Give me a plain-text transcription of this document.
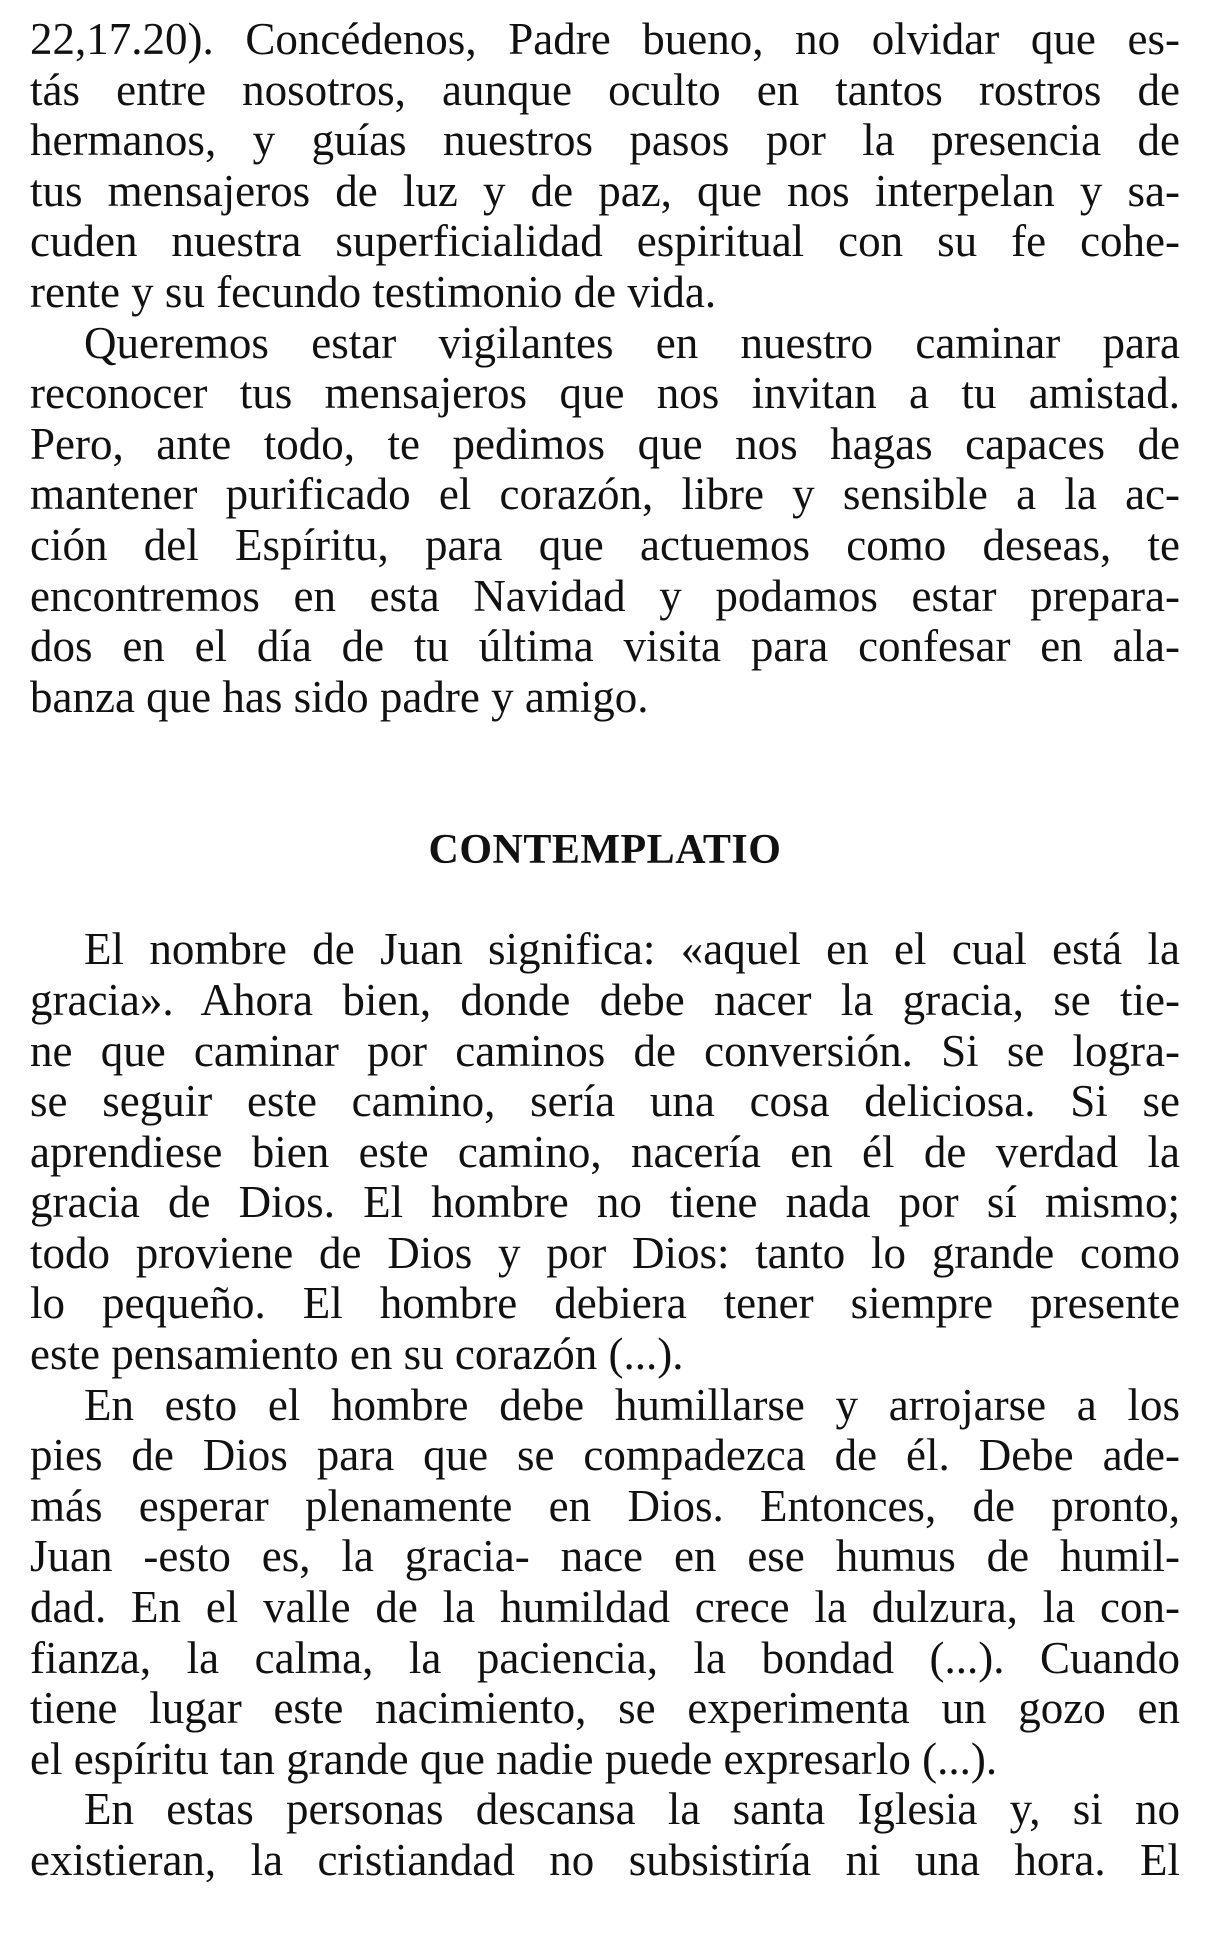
22,17.20). Concédenos, Padre bueno, no olvidar que es-
tás entre nosotros, aunque oculto en tantos rostros de
hermanos, y guías nuestros pasos por la presencia de
tus mensajeros de luz y de paz, que nos interpelan y sa-
cuden nuestra superficialidad espiritual con su fe cohe-
rente y su fecundo testimonio de vida.
Queremos estar vigilantes en nuestro caminar para
reconocer tus mensajeros que nos invitan a tu amistad.
Pero, ante todo, te pedimos que nos hagas capaces de
mantener purificado el corazón, libre y sensible a la ac-
ción del Espíritu, para que actuemos como deseas, te
encontremos en esta Navidad y podamos estar prepara-
dos en el día de tu última visita para confesar en ala-
banza que has sido padre y amigo.
CONTEMPLATIO
El nombre de Juan significa: «aquel en el cual está la
gracia». Ahora bien, donde debe nacer la gracia, se tie-
ne que caminar por caminos de conversión. Si se logra-
se seguir este camino, sería una cosa deliciosa. Si se
aprendiese bien este camino, nacería en él de verdad la
gracia de Dios. El hombre no tiene nada por sí mismo;
todo proviene de Dios y por Dios: tanto lo grande como
lo pequeño. El hombre debiera tener siempre presente
este pensamiento en su corazón (...).
En esto el hombre debe humillarse y arrojarse a los
pies de Dios para que se compadezca de él. Debe ade-
más esperar plenamente en Dios. Entonces, de pronto,
Juan -esto es, la gracia- nace en ese humus de humil-
dad. En el valle de la humildad crece la dulzura, la con-
fianza, la calma, la paciencia, la bondad (...). Cuando
tiene lugar este nacimiento, se experimenta un gozo en
el espíritu tan grande que nadie puede expresarlo (...).
En estas personas descansa la santa Iglesia y, si no
existieran, la cristiandad no subsistiría ni una hora. El
